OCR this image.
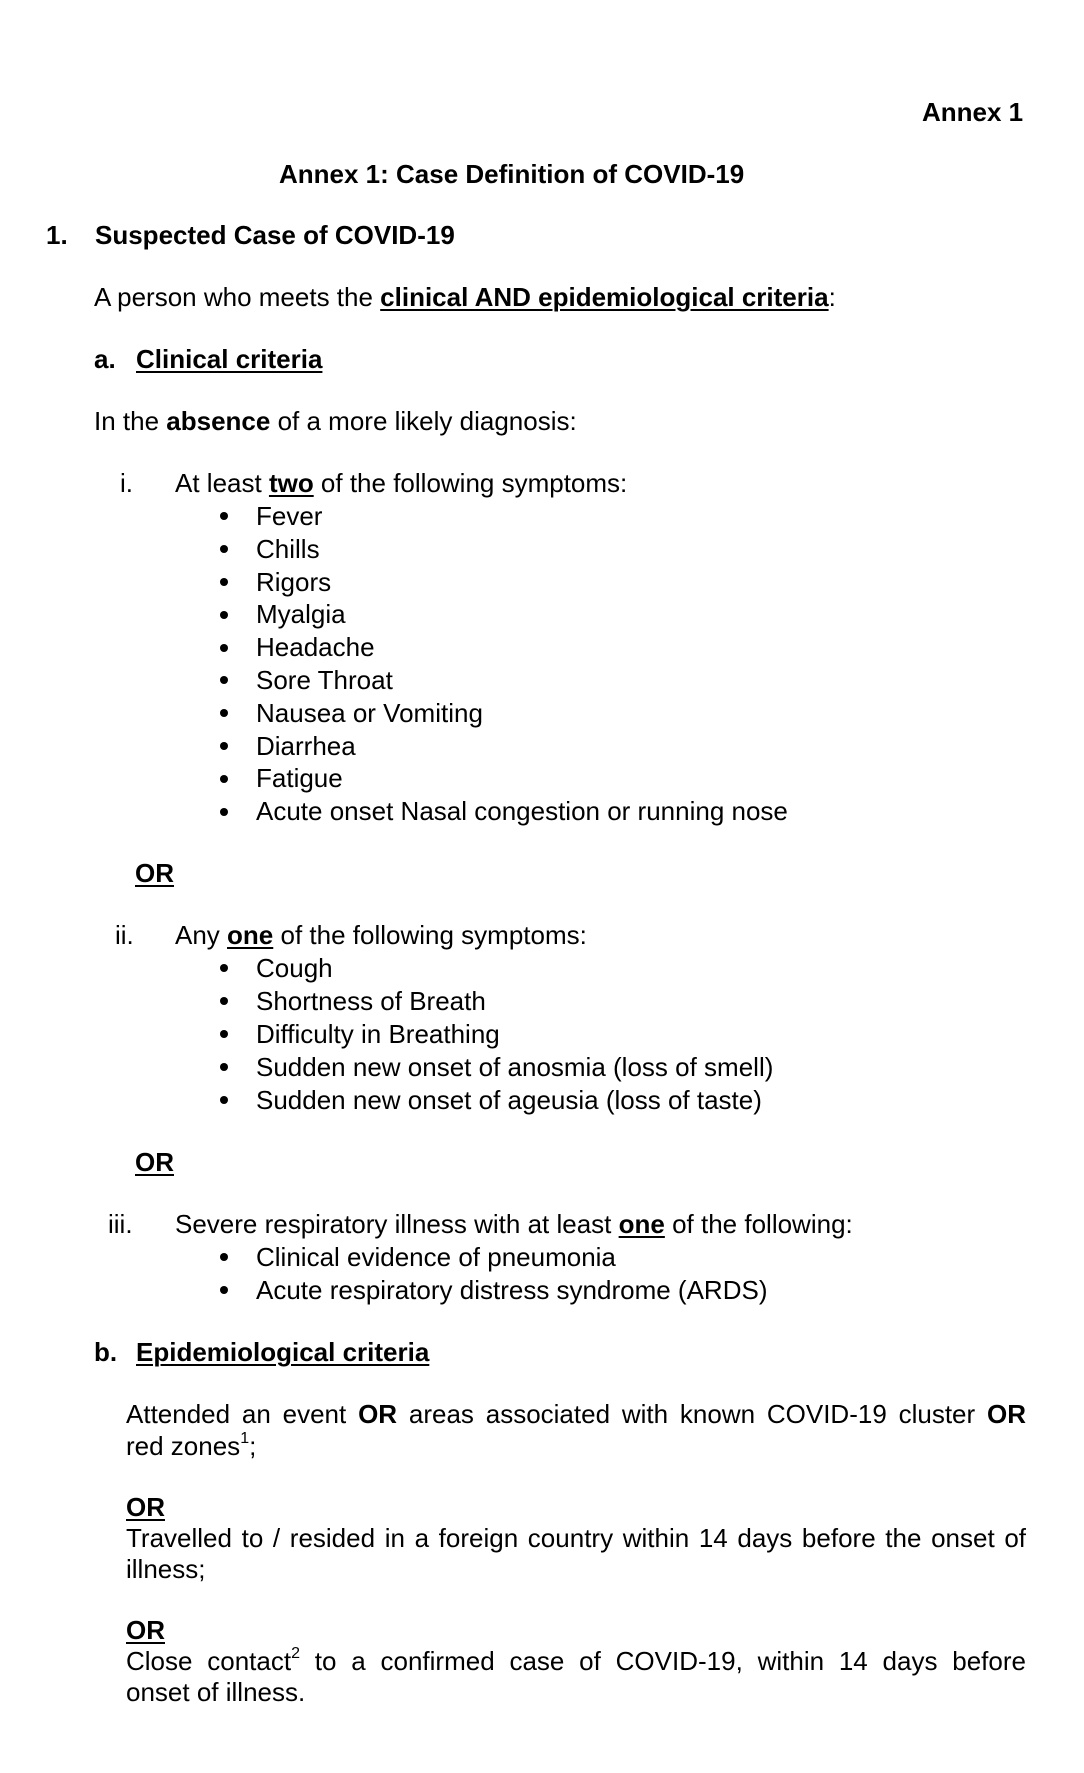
Annex 1
Annex 1: Case Definition of COVID-19
1. Suspected Case of COVID-19
A person who meets the clinical AND epidemiological criteria:
a. Clinical criteria
In the absence of a more likely diagnosis:
i. At least two of the following symptoms:
Fever
Chills
Rigors
Myalgia
Headache
Sore Throat
Nausea or Vomiting
Diarrhea
Fatigue
Acute onset Nasal congestion or running nose
OR
ii. Any one of the following symptoms:
Cough
Shortness of Breath
Difficulty in Breathing
Sudden new onset of anosmia (loss of smell)
Sudden new onset of ageusia (loss of taste)
OR
iii. Severe respiratory illness with at least one of the following:
Clinical evidence of pneumonia
Acute respiratory distress syndrome (ARDS)
b. Epidemiological criteria
Attended an event OR areas associated with known COVID-19 cluster OR
red zones$^1$;
OR
Travelled to / resided in a foreign country within 14 days before the onset of
illness;
OR
Close contact$^2$ to a confirmed case of COVID-19, within 14 days before
onset of illness.
